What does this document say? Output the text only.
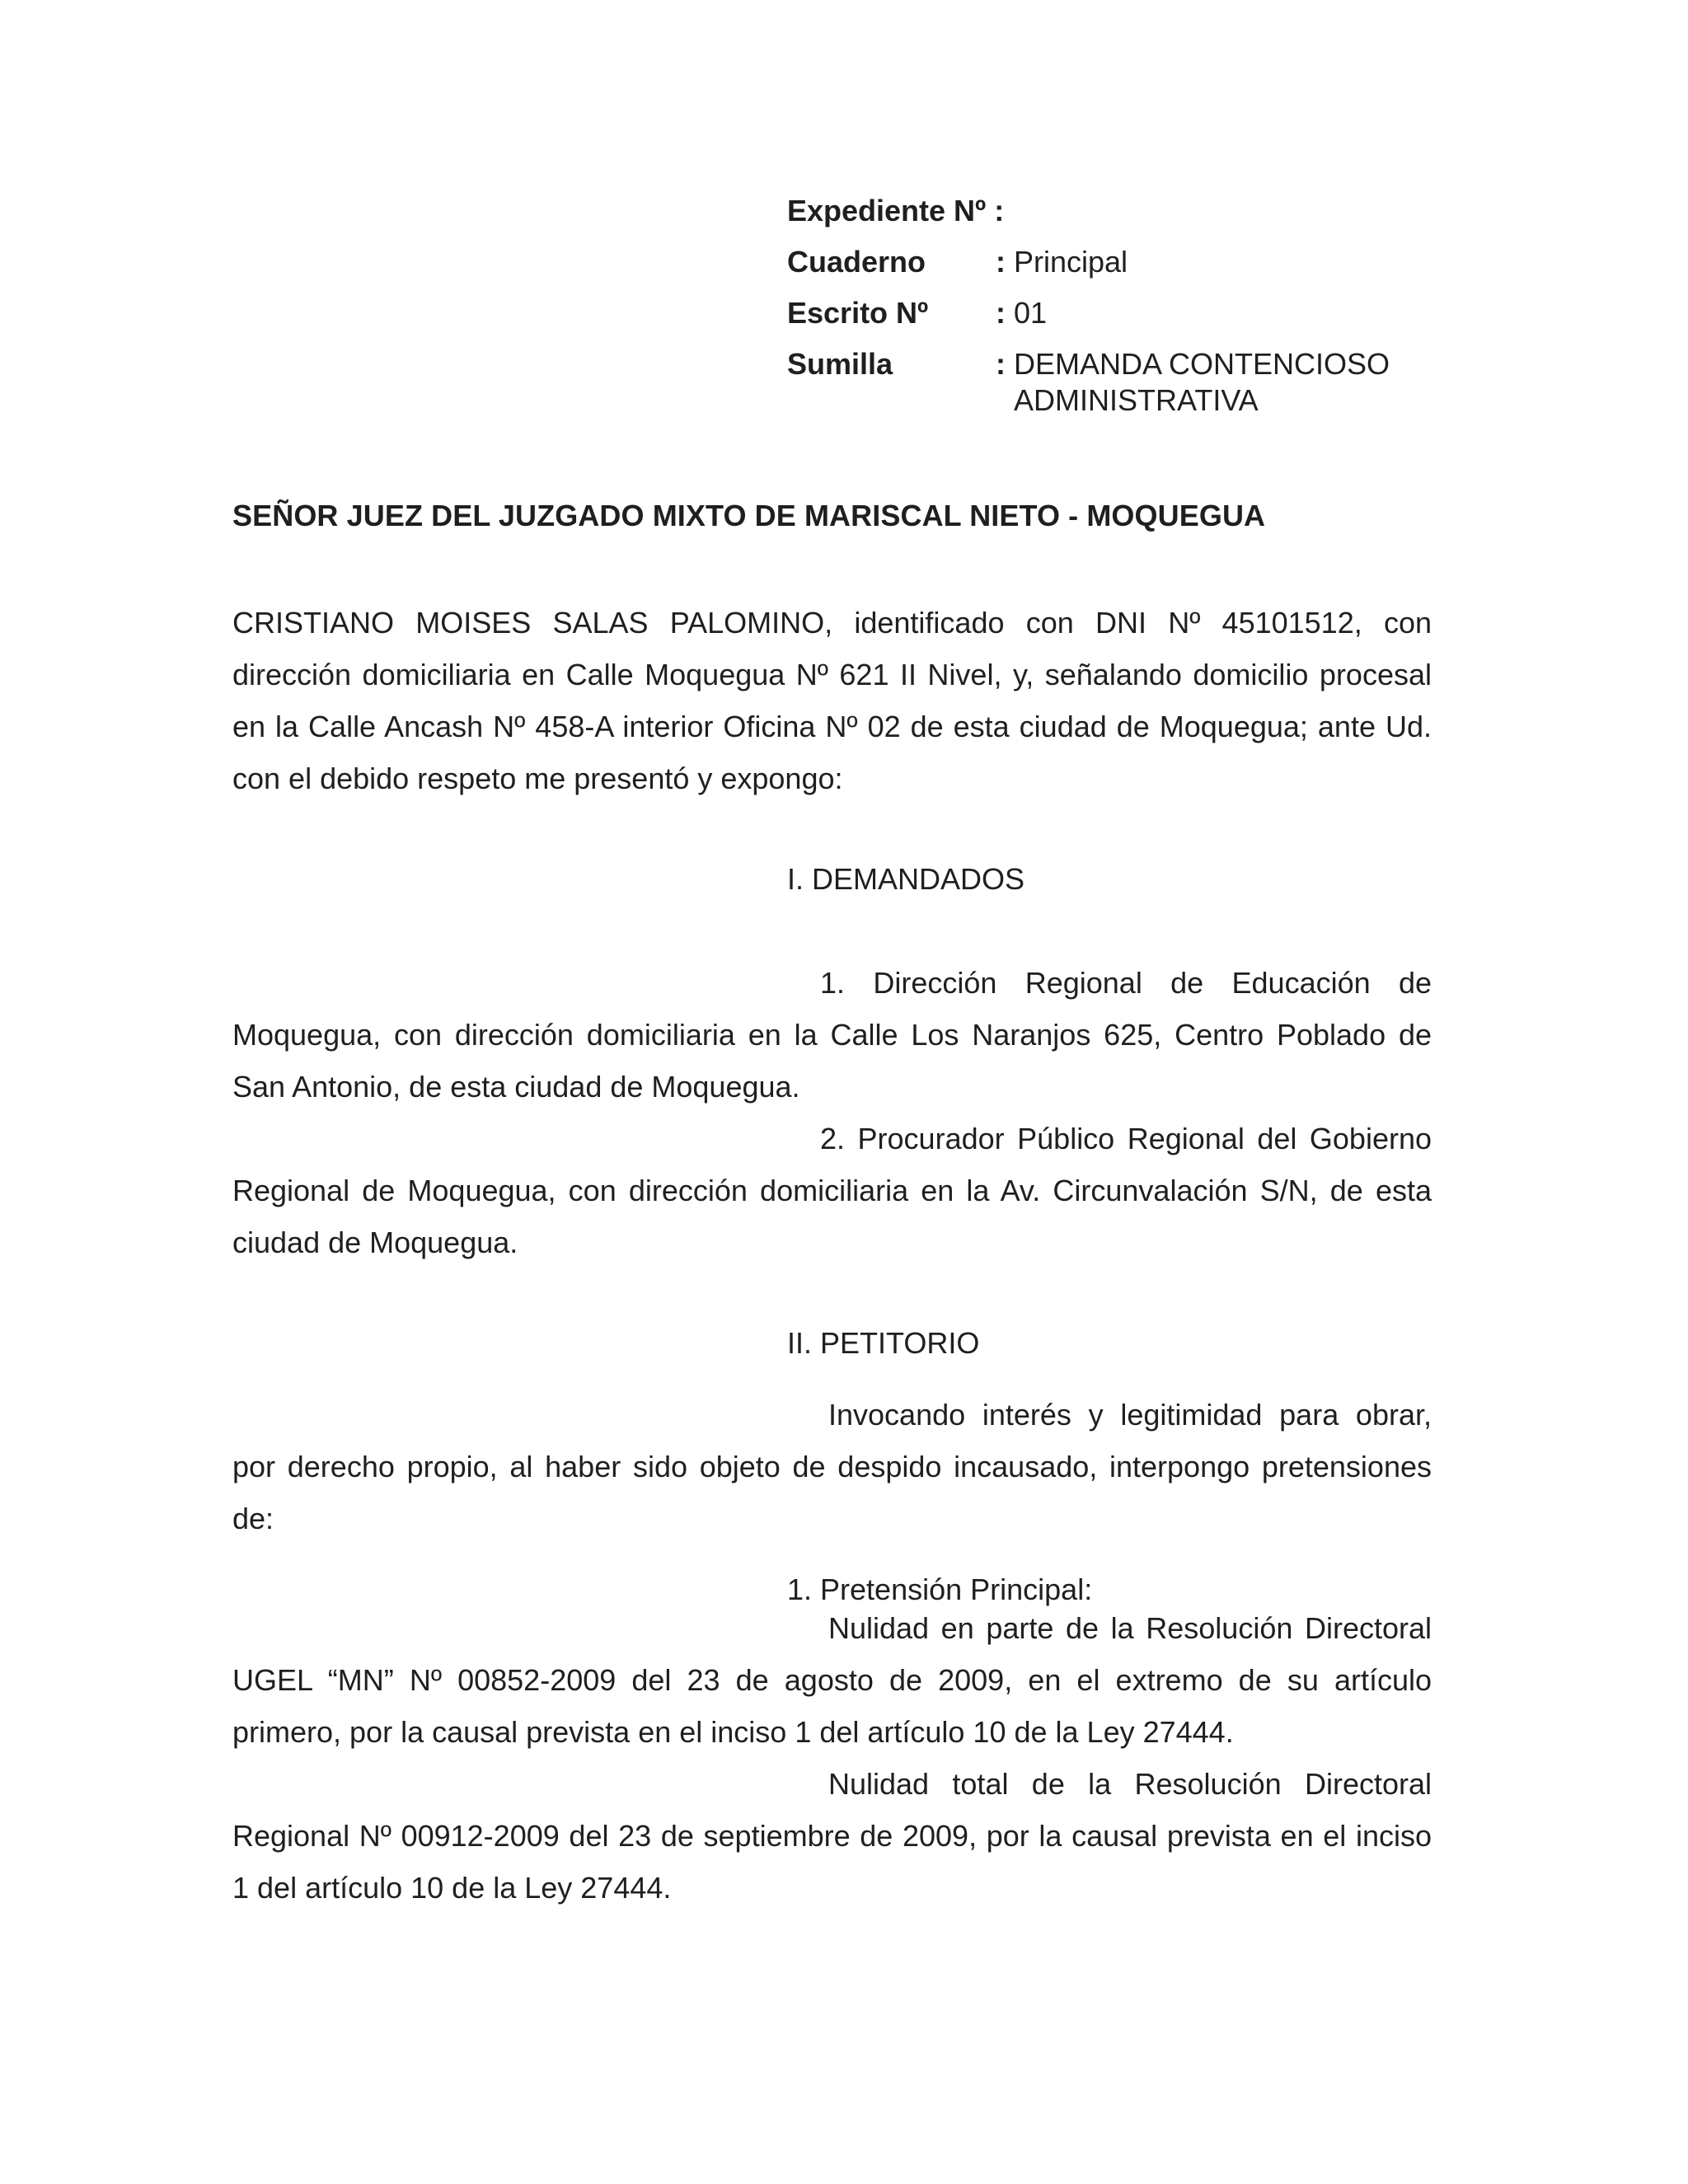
Expediente Nº :
Cuaderno	: Principal
Escrito Nº	: 01
Sumilla	: DEMANDA CONTENCIOSO
ADMINISTRATIVA
SEÑOR JUEZ DEL JUZGADO MIXTO DE MARISCAL NIETO - MOQUEGUA

CRISTIANO MOISES SALAS PALOMINO, identificado con DNI Nº 45101512, con dirección domiciliaria en Calle Moquegua Nº 621 II Nivel, y, señalando domicilio procesal en la Calle Ancash Nº 458-A interior Oficina Nº 02 de esta ciudad de Moquegua; ante Ud. con el debido respeto me presentó y expongo:

I. DEMANDADOS

1. Dirección Regional de Educación de Moquegua, con dirección domiciliaria en la Calle Los Naranjos 625, Centro Poblado de San Antonio, de esta ciudad de Moquegua.

2. Procurador Público Regional del Gobierno Regional de Moquegua, con dirección domiciliaria en la Av. Circunvalación S/N, de esta ciudad de Moquegua.

II. PETITORIO

Invocando interés y legitimidad para obrar, por derecho propio, al haber sido objeto de despido incausado, interpongo pretensiones de:

1. Pretensión Principal:

Nulidad en parte de la Resolución Directoral UGEL “MN” Nº 00852-2009 del 23 de agosto de 2009, en el extremo de su artículo primero, por la causal prevista en el inciso 1 del artículo 10 de la Ley 27444.

Nulidad total de la Resolución Directoral Regional Nº 00912-2009 del 23 de septiembre de 2009, por la causal prevista en el inciso 1 del artículo 10 de la Ley 27444.
